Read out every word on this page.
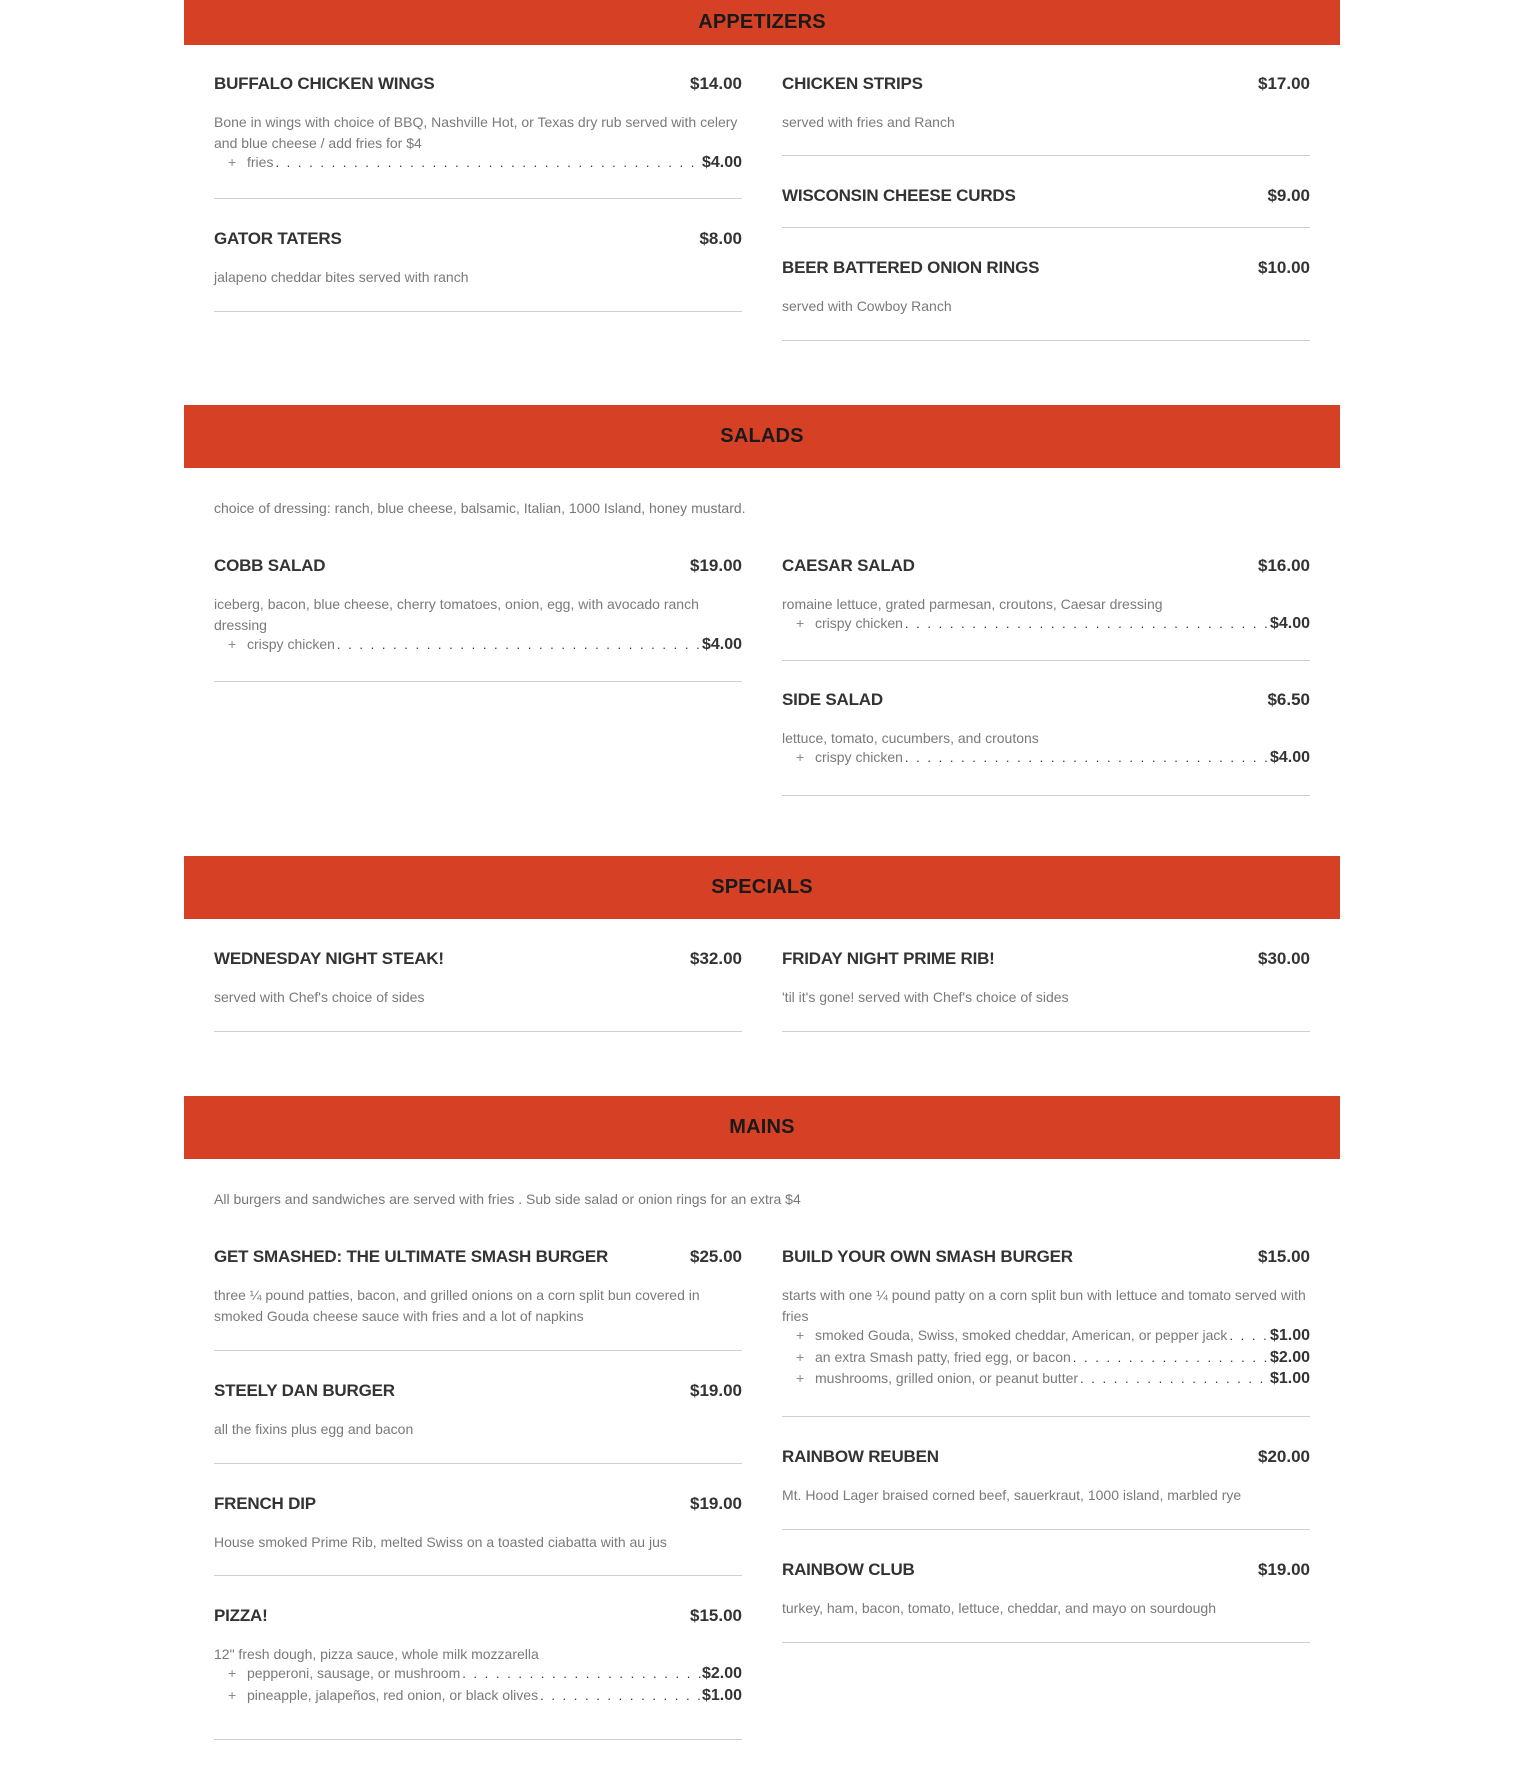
APPETIZERS
BUFFALO CHICKEN WINGS	$14.00
Bone in wings with choice of BBQ, Nashville Hot, or Texas dry rub served with celery and blue cheese / add fries for $4
+ fries . . .	$4.00
GATOR TATERS	$8.00
jalapeno cheddar bites served with ranch
CHICKEN STRIPS	$17.00
served with fries and Ranch
WISCONSIN CHEESE CURDS	$9.00
BEER BATTERED ONION RINGS	$10.00
served with Cowboy Ranch
SALADS
choice of dressing: ranch, blue cheese, balsamic, Italian, 1000 Island, honey mustard.
COBB SALAD	$19.00
iceberg, bacon, blue cheese, cherry tomatoes, onion, egg, with avocado ranch dressing
+ crispy chicken . . .	$4.00
CAESAR SALAD	$16.00
romaine lettuce, grated parmesan, croutons, Caesar dressing
+ crispy chicken . . .	$4.00
SIDE SALAD	$6.50
lettuce, tomato, cucumbers, and croutons
+ crispy chicken . . .	$4.00
SPECIALS
WEDNESDAY NIGHT STEAK!	$32.00
served with Chef's choice of sides
FRIDAY NIGHT PRIME RIB!	$30.00
'til it's gone! served with Chef's choice of sides
MAINS
All burgers and sandwiches are served with fries . Sub side salad or onion rings for an extra $4
GET SMASHED: THE ULTIMATE SMASH BURGER	$25.00
three ¼ pound patties, bacon, and grilled onions on a corn split bun covered in smoked Gouda cheese sauce with fries and a lot of napkins
STEELY DAN BURGER	$19.00
all the fixins plus egg and bacon
FRENCH DIP	$19.00
House smoked Prime Rib, melted Swiss on a toasted ciabatta with au jus
PIZZA!	$15.00
12" fresh dough, pizza sauce, whole milk mozzarella
+ pepperoni, sausage, or mushroom . . .	$2.00
+ pineapple, jalapeños, red onion, or black olives . . .	$1.00
BUILD YOUR OWN SMASH BURGER	$15.00
starts with one ¼ pound patty on a corn split bun with lettuce and tomato served with fries
+ smoked Gouda, Swiss, smoked cheddar, American, or pepper jack . . .	$1.00
+ an extra Smash patty, fried egg, or bacon . . .	$2.00
+ mushrooms, grilled onion, or peanut butter . . .	$1.00
RAINBOW REUBEN	$20.00
Mt. Hood Lager braised corned beef, sauerkraut, 1000 island, marbled rye
RAINBOW CLUB	$19.00
turkey, ham, bacon, tomato, lettuce, cheddar, and mayo on sourdough
